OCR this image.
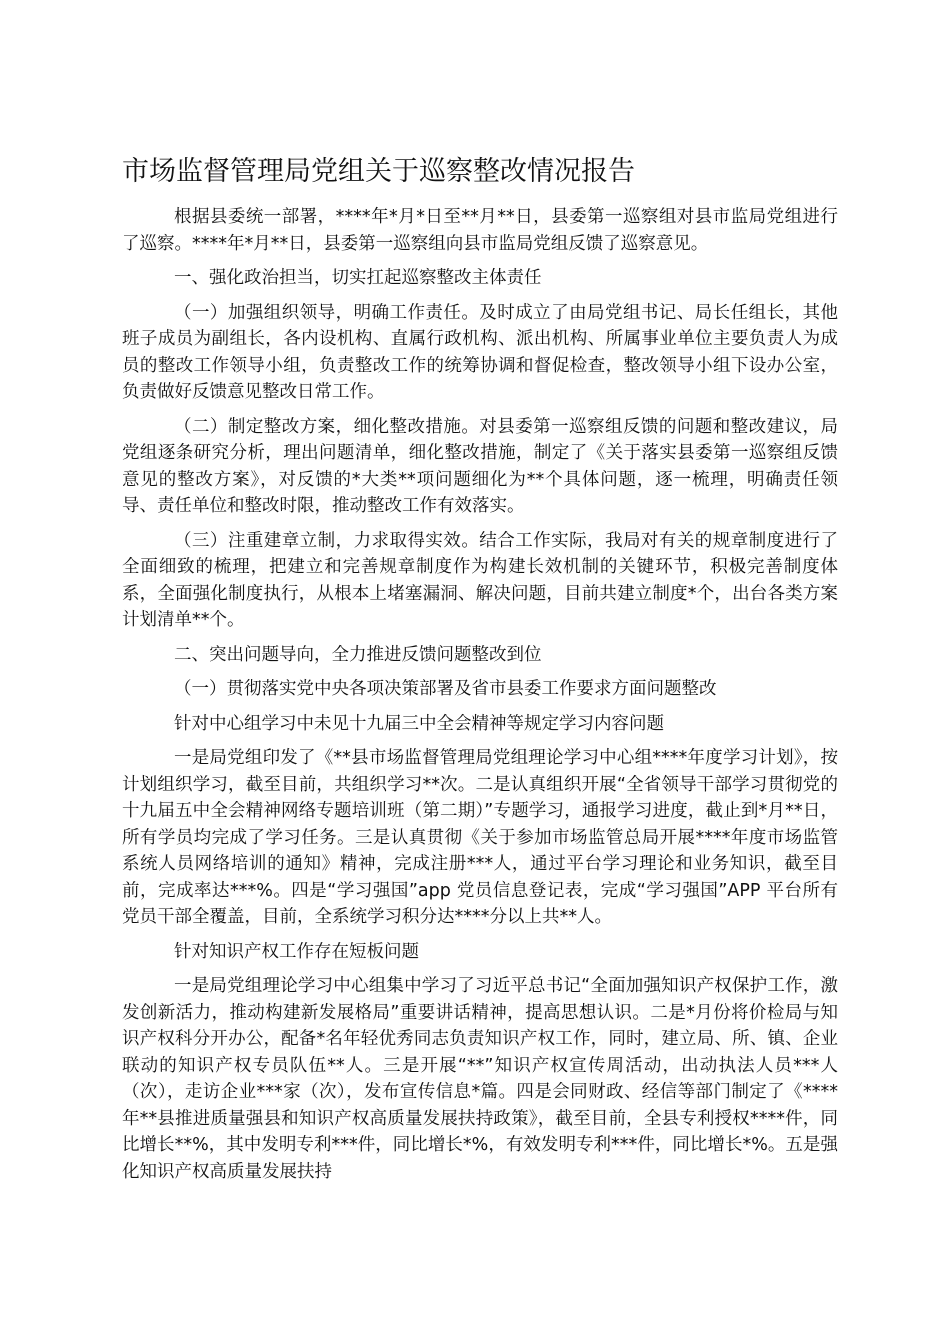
市场监督管理局党组关于巡察整改情况报告

根据县委统一部署，****年*月*日至**月**日，县委第一巡察组对县市监局党组进行了巡察。****年*月**日，县委第一巡察组向县市监局党组反馈了巡察意见。

一、强化政治担当，切实扛起巡察整改主体责任

（一）加强组织领导，明确工作责任。及时成立了由局党组书记、局长任组长，其他班子成员为副组长，各内设机构、直属行政机构、派出机构、所属事业单位主要负责人为成员的整改工作领导小组，负责整改工作的统筹协调和督促检查，整改领导小组下设办公室，负责做好反馈意见整改日常工作。

（二）制定整改方案，细化整改措施。对县委第一巡察组反馈的问题和整改建议，局党组逐条研究分析，理出问题清单，细化整改措施，制定了《关于落实县委第一巡察组反馈意见的整改方案》，对反馈的*大类**项问题细化为**个具体问题，逐一梳理，明确责任领导、责任单位和整改时限，推动整改工作有效落实。

（三）注重建章立制，力求取得实效。结合工作实际，我局对有关的规章制度进行了全面细致的梳理，把建立和完善规章制度作为构建长效机制的关键环节，积极完善制度体系，全面强化制度执行，从根本上堵塞漏洞、解决问题，目前共建立制度*个，出台各类方案计划清单**个。

二、突出问题导向，全力推进反馈问题整改到位

（一）贯彻落实党中央各项决策部署及省市县委工作要求方面问题整改

针对中心组学习中未见十九届三中全会精神等规定学习内容问题

一是局党组印发了《**县市场监督管理局党组理论学习中心组****年度学习计划》，按计划组织学习，截至目前，共组织学习**次。二是认真组织开展“全省领导干部学习贯彻党的十九届五中全会精神网络专题培训班（第二期）”专题学习，通报学习进度，截止到*月**日，所有学员均完成了学习任务。三是认真贯彻《关于参加市场监管总局开展****年度市场监管系统人员网络培训的通知》精神，完成注册***人，通过平台学习理论和业务知识，截至目前，完成率达***%。四是“学习强国”app 党员信息登记表，完成“学习强国”APP 平台所有党员干部全覆盖，目前，全系统学习积分达****分以上共**人。

针对知识产权工作存在短板问题

一是局党组理论学习中心组集中学习了习近平总书记“全面加强知识产权保护工作，激发创新活力，推动构建新发展格局”重要讲话精神，提高思想认识。二是*月份将价检局与知识产权科分开办公，配备*名年轻优秀同志负责知识产权工作，同时，建立局、所、镇、企业联动的知识产权专员队伍**人。三是开展“**”知识产权宣传周活动，出动执法人员***人（次），走访企业***家（次），发布宣传信息*篇。四是会同财政、经信等部门制定了《****年**县推进质量强县和知识产权高质量发展扶持政策》，截至目前，全县专利授权****件，同比增长**%，其中发明专利***件，同比增长*%，有效发明专利***件，同比增长*%。五是强化知识产权高质量发展扶持
